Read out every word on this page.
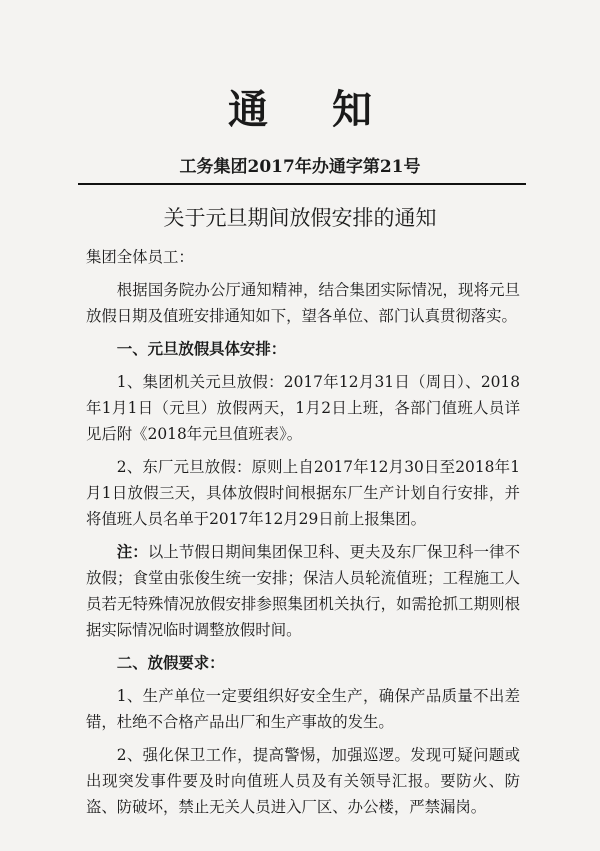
通知
工务集团2017年办通字第21号
关于元旦期间放假安排的通知

集团全体员工：

根据国务院办公厅通知精神，结合集团实际情况，现将元旦放假日期及值班安排通知如下，望各单位、部门认真贯彻落实。

一、元旦放假具体安排：

1、集团机关元旦放假：2017年12月31日（周日）、2018年1月1日（元旦）放假两天，1月2日上班，各部门值班人员详见后附《2018年元旦值班表》。

2、东厂元旦放假：原则上自2017年12月30日至2018年1月1日放假三天，具体放假时间根据东厂生产计划自行安排，并将值班人员名单于2017年12月29日前上报集团。

注：以上节假日期间集团保卫科、更夫及东厂保卫科一律不放假；食堂由张俊生统一安排；保洁人员轮流值班；工程施工人员若无特殊情况放假安排参照集团机关执行，如需抢抓工期则根据实际情况临时调整放假时间。

二、放假要求：

1、生产单位一定要组织好安全生产，确保产品质量不出差错，杜绝不合格产品出厂和生产事故的发生。

2、强化保卫工作，提高警惕，加强巡逻。发现可疑问题或出现突发事件要及时向值班人员及有关领导汇报。要防火、防盗、防破坏，禁止无关人员进入厂区、办公楼，严禁漏岗。
